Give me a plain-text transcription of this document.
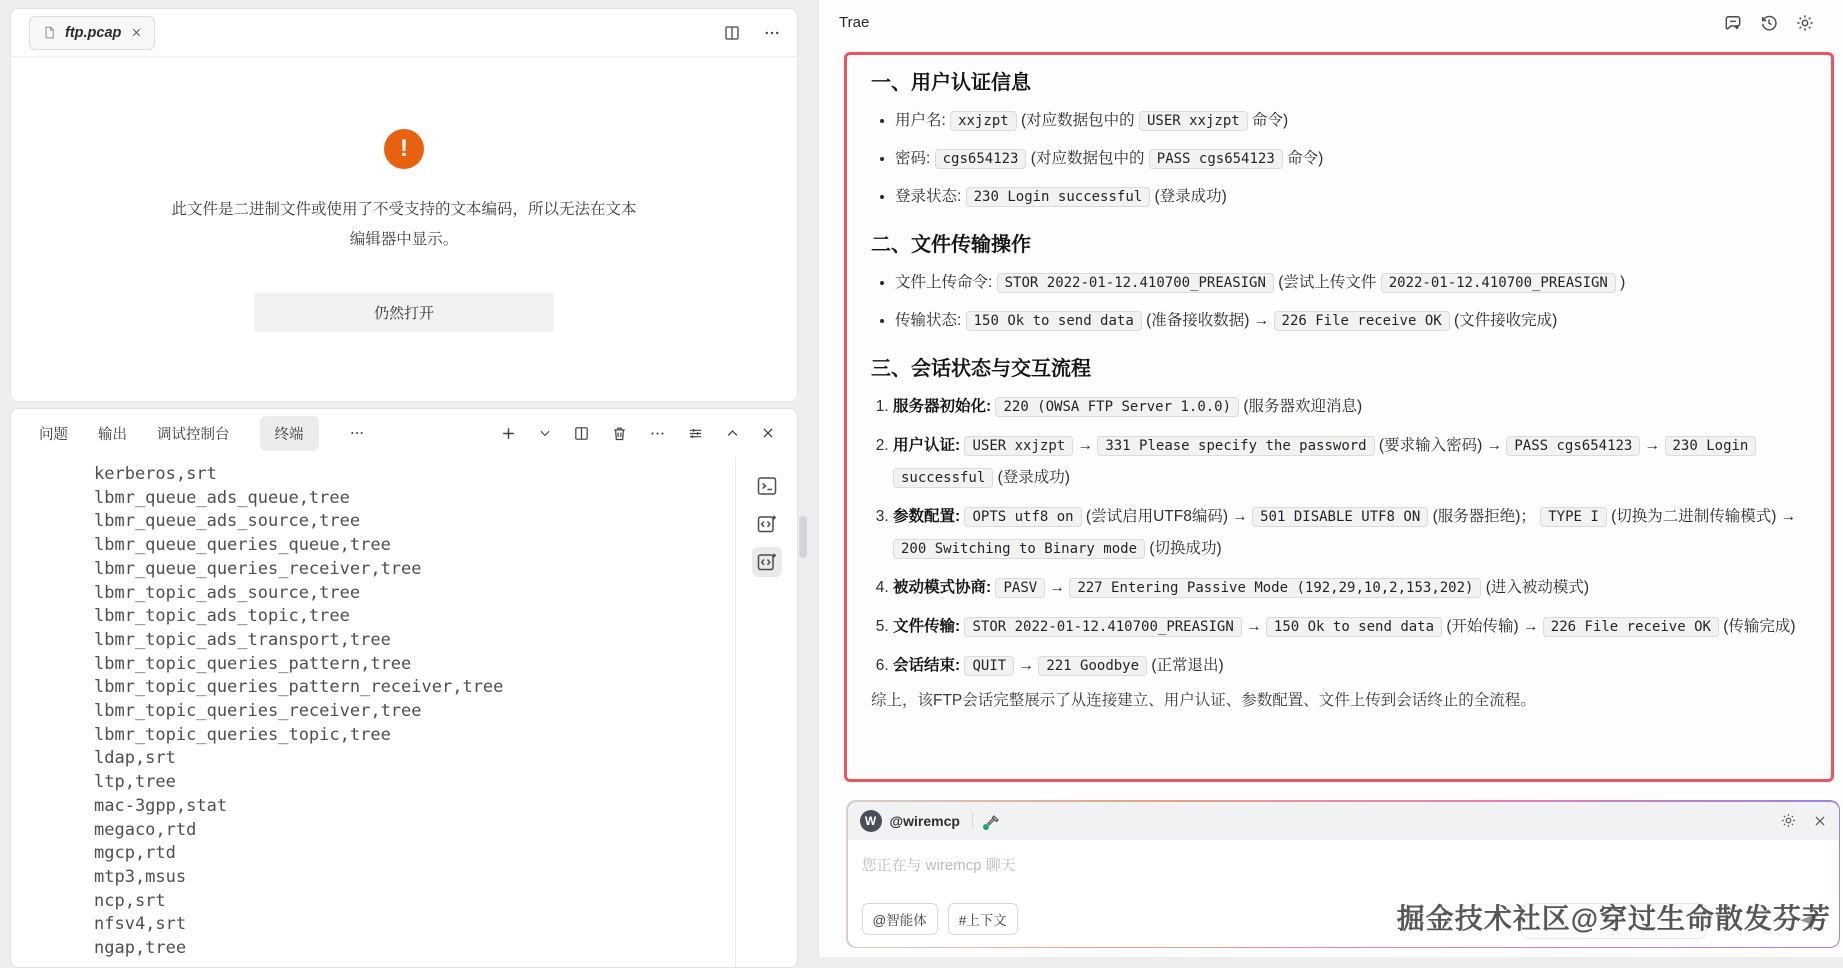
ftp.pcap
!
此文件是二进制文件或使用了不受支持的文本编码，所以无法在文本
编辑器中显示。
仍然打开
问题 输出 调试控制台	终端
kerberos,srt
lbmr_queue_ads_queue,tree
lbmr_queue_ads_source,tree
lbmr_queue_queries_queue,tree
lbmr_queue_queries_receiver,tree
lbmr_topic_ads_source,tree
lbmr_topic_ads_topic,tree
lbmr_topic_ads_transport,tree
lbmr_topic_queries_pattern,tree
lbmr_topic_queries_pattern_receiver,tree
lbmr_topic_queries_receiver,tree
lbmr_topic_queries_topic,tree
ldap,srt
ltp,tree
mac-3gpp,stat
megaco,rtd
mgcp,rtd
mtp3,msus
ncp,srt
nfsv4,srt
ngap,tree
Trae
一、用户认证信息
• 用户名: xxjzpt (对应数据包中的 USER xxjzpt 命令)
• 密码: cgs654123 (对应数据包中的 PASS cgs654123 命令)
• 登录状态: 230 Login successful (登录成功)
二、文件传输操作
• 文件上传命令: STOR 2022-01-12.410700_PREASIGN (尝试上传文件 2022-01-12.410700_PREASIGN )
• 传输状态: 150 Ok to send data (准备接收数据) → 226 File receive OK (文件接收完成)
三、会话状态与交互流程
1. 服务器初始化: 220 (OWSA FTP Server 1.0.0) (服务器欢迎消息)
2. 用户认证: USER xxjzpt → 331 Please specify the password (要求输入密码) → PASS cgs654123 → 230 Login successful (登录成功)
3. 参数配置: OPTS utf8 on (尝试启用UTF8编码) → 501 DISABLE UTF8 ON (服务器拒绝)； TYPE I (切换为二进制传输模式) → 200 Switching to Binary mode (切换成功)
4. 被动模式协商: PASV → 227 Entering Passive Mode (192,29,10,2,153,202) (进入被动模式)
5. 文件传输: STOR 2022-01-12.410700_PREASIGN → 150 Ok to send data (开始传输) → 226 File receive OK (传输完成)
6. 会话结束: QUIT → 221 Goodbye (正常退出)

综上，该FTP会话完整展示了从连接建立、用户认证、参数配置、文件上传到会话终止的全流程。

W @wiremcp
您正在与 wiremcp 聊天
@智能体	#上下文	掘金技术社区@穿过生命散发芬芳
